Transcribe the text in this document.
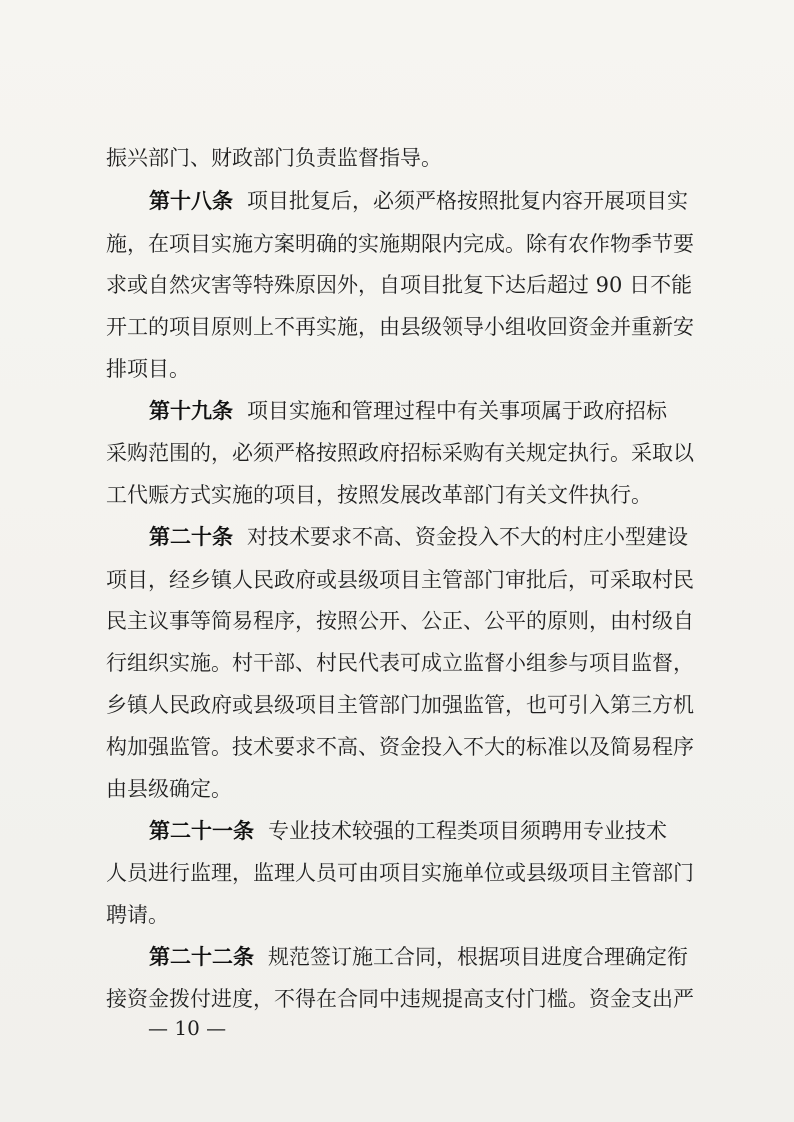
振兴部门、财政部门负责监督指导。
第十八条 项目批复后，必须严格按照批复内容开展项目实
施，在项目实施方案明确的实施期限内完成。除有农作物季节要
求或自然灾害等特殊原因外，自项目批复下达后超过 90 日不能
开工的项目原则上不再实施，由县级领导小组收回资金并重新安
排项目。
第十九条 项目实施和管理过程中有关事项属于政府招标
采购范围的，必须严格按照政府招标采购有关规定执行。采取以
工代赈方式实施的项目，按照发展改革部门有关文件执行。
第二十条 对技术要求不高、资金投入不大的村庄小型建设
项目，经乡镇人民政府或县级项目主管部门审批后，可采取村民
民主议事等简易程序，按照公开、公正、公平的原则，由村级自
行组织实施。村干部、村民代表可成立监督小组参与项目监督，
乡镇人民政府或县级项目主管部门加强监管，也可引入第三方机
构加强监管。技术要求不高、资金投入不大的标准以及简易程序
由县级确定。
第二十一条 专业技术较强的工程类项目须聘用专业技术
人员进行监理，监理人员可由项目实施单位或县级项目主管部门
聘请。
第二十二条 规范签订施工合同，根据项目进度合理确定衔
接资金拨付进度，不得在合同中违规提高支付门槛。资金支出严
— 10 —
